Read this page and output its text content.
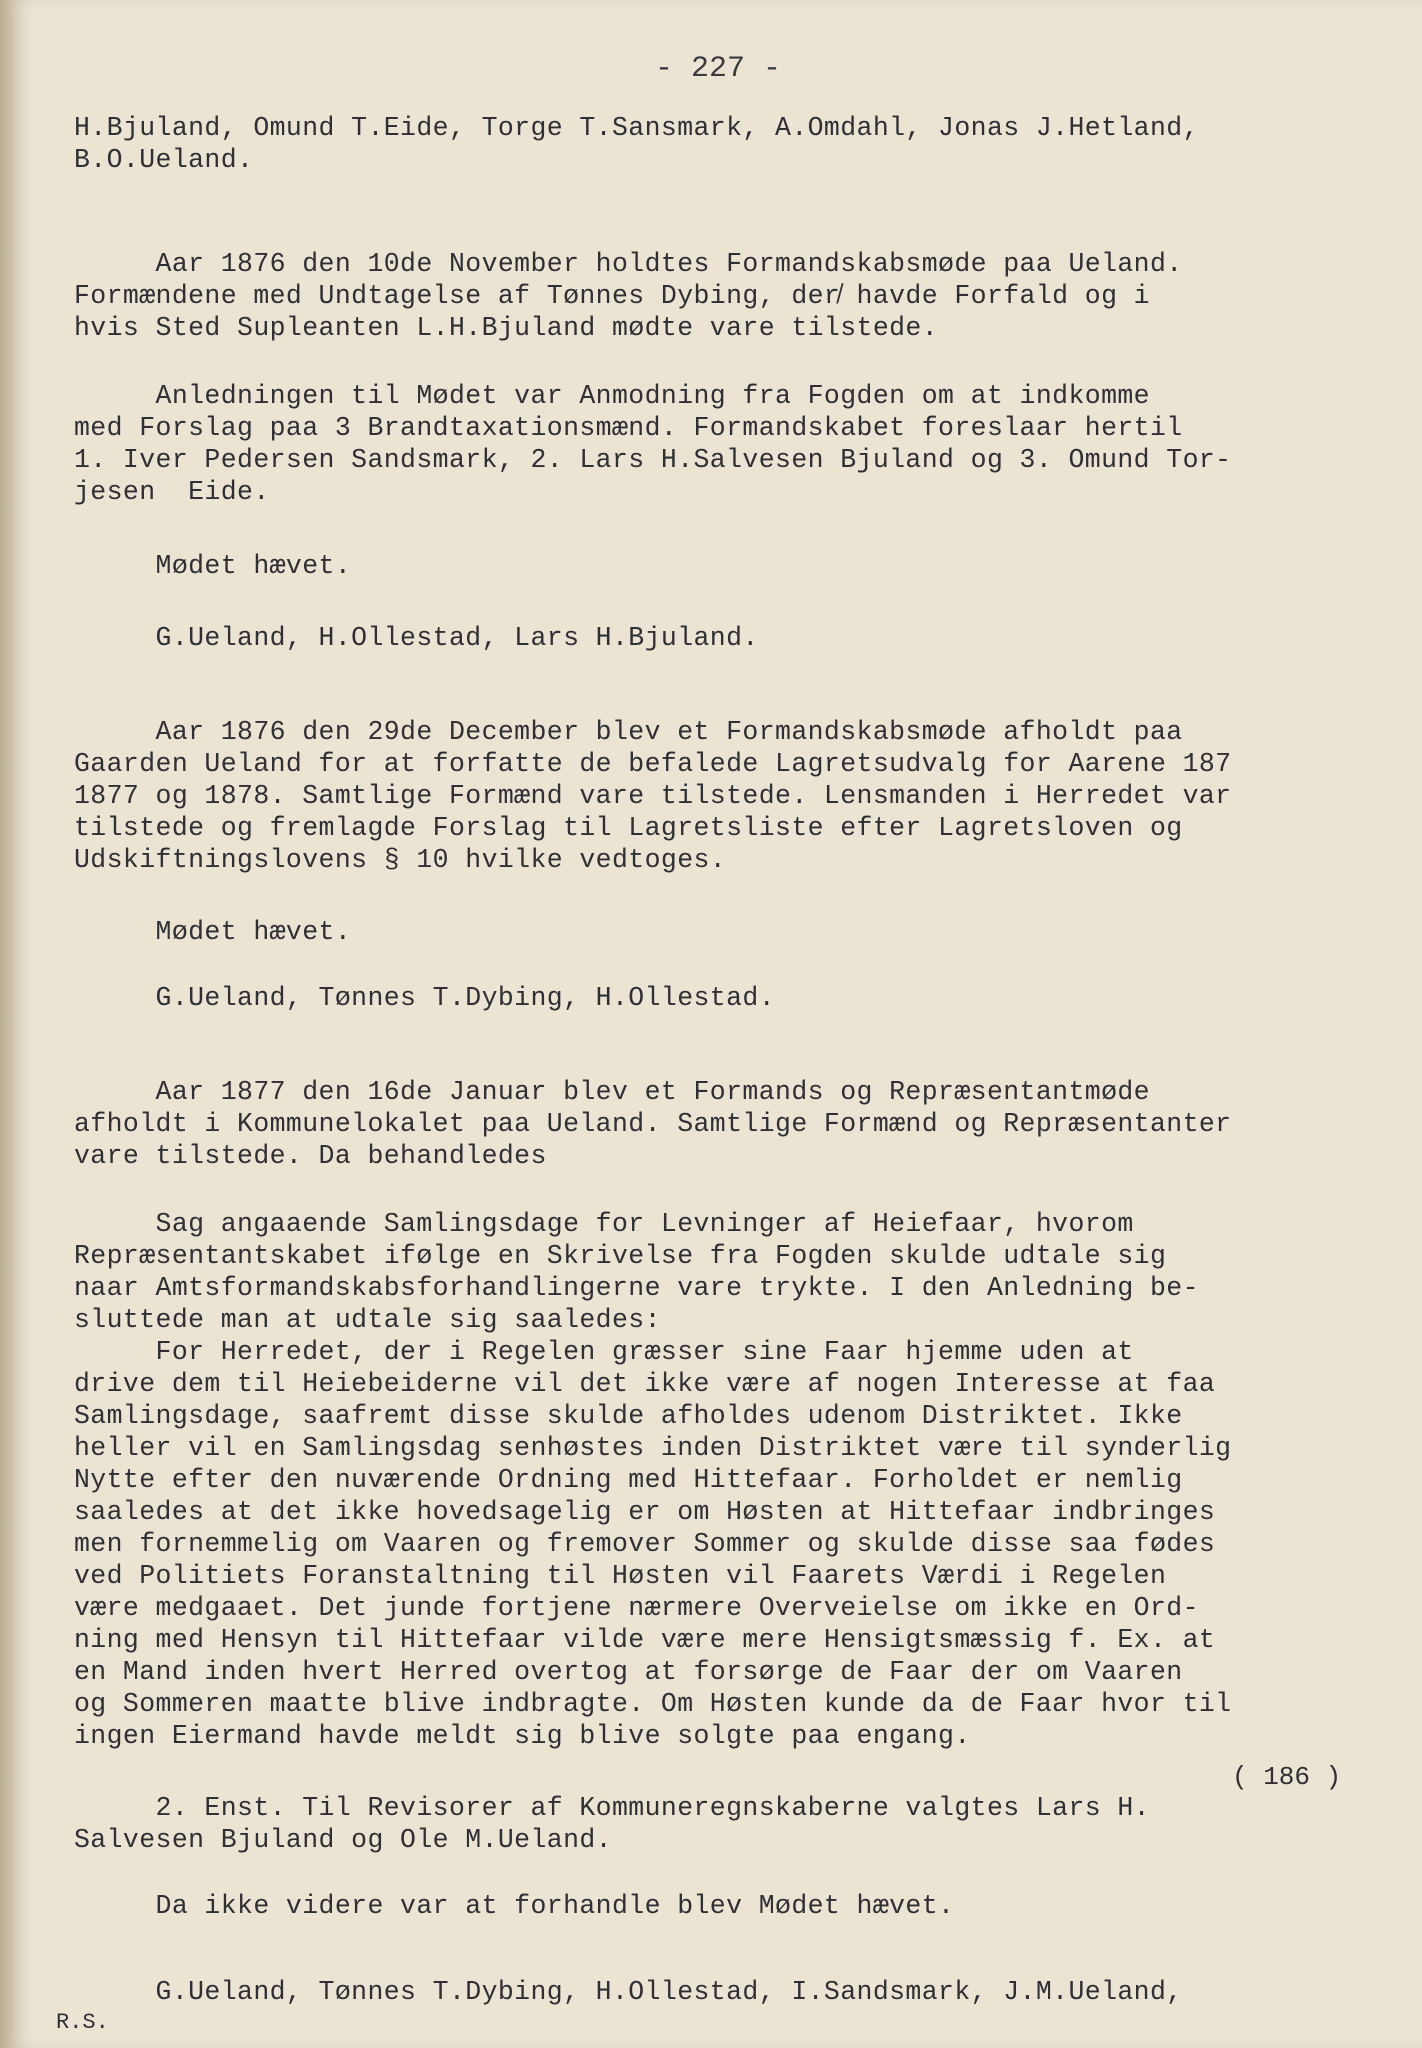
- 227 -
H.Bjuland, Omund T.Eide, Torge T.Sansmark, A.Omdahl, Jonas J.Hetland,
B.O.Ueland.
Aar 1876 den 10de November holdtes Formandskabsmøde paa Ueland.
Formændene med Undtagelse af Tønnes Dybing, der̸ havde Forfald og i
hvis Sted Supleanten L.H.Bjuland mødte vare tilstede.
Anledningen til Mødet var Anmodning fra Fogden om at indkomme
med Forslag paa 3 Brandtaxationsmænd. Formandskabet foreslaar hertil
1. Iver Pedersen Sandsmark, 2. Lars H.Salvesen Bjuland og 3. Omund Tor-
jesen  Eide.
Mødet hævet.
G.Ueland, H.Ollestad, Lars H.Bjuland.
Aar 1876 den 29de December blev et Formandskabsmøde afholdt paa
Gaarden Ueland for at forfatte de befalede Lagretsudvalg for Aarene 187
1877 og 1878. Samtlige Formænd vare tilstede. Lensmanden i Herredet var
tilstede og fremlagde Forslag til Lagretsliste efter Lagretsloven og
Udskiftningslovens § 10 hvilke vedtoges.
Mødet hævet.
G.Ueland, Tønnes T.Dybing, H.Ollestad.
Aar 1877 den 16de Januar blev et Formands og Repræsentantmøde
afholdt i Kommunelokalet paa Ueland. Samtlige Formænd og Repræsentanter
vare tilstede. Da behandledes
Sag angaaende Samlingsdage for Levninger af Heiefaar, hvorom
Repræsentantskabet ifølge en Skrivelse fra Fogden skulde udtale sig
naar Amtsformandskabsforhandlingerne vare trykte. I den Anledning be-
sluttede man at udtale sig saaledes:
For Herredet, der i Regelen græsser sine Faar hjemme uden at
drive dem til Heiebeiderne vil det ikke være af nogen Interesse at faa
Samlingsdage, saafremt disse skulde afholdes udenom Distriktet. Ikke
heller vil en Samlingsdag senhøstes inden Distriktet være til synderlig
Nytte efter den nuværende Ordning med Hittefaar. Forholdet er nemlig
saaledes at det ikke hovedsagelig er om Høsten at Hittefaar indbringes
men fornemmelig om Vaaren og fremover Sommer og skulde disse saa fødes
ved Politiets Foranstaltning til Høsten vil Faarets Værdi i Regelen
være medgaaet. Det junde fortjene nærmere Overveielse om ikke en Ord-
ning med Hensyn til Hittefaar vilde være mere Hensigtsmæssig f. Ex. at
en Mand inden hvert Herred overtog at forsørge de Faar der om Vaaren
og Sommeren maatte blive indbragte. Om Høsten kunde da de Faar hvor til
ingen Eiermand havde meldt sig blive solgte paa engang.
2. Enst. Til Revisorer af Kommuneregnskaberne valgtes Lars H.
Salvesen Bjuland og Ole M.Ueland.
Da ikke videre var at forhandle blev Mødet hævet.
G.Ueland, Tønnes T.Dybing, H.Ollestad, I.Sandsmark, J.M.Ueland,
( 186 )
R.S.
